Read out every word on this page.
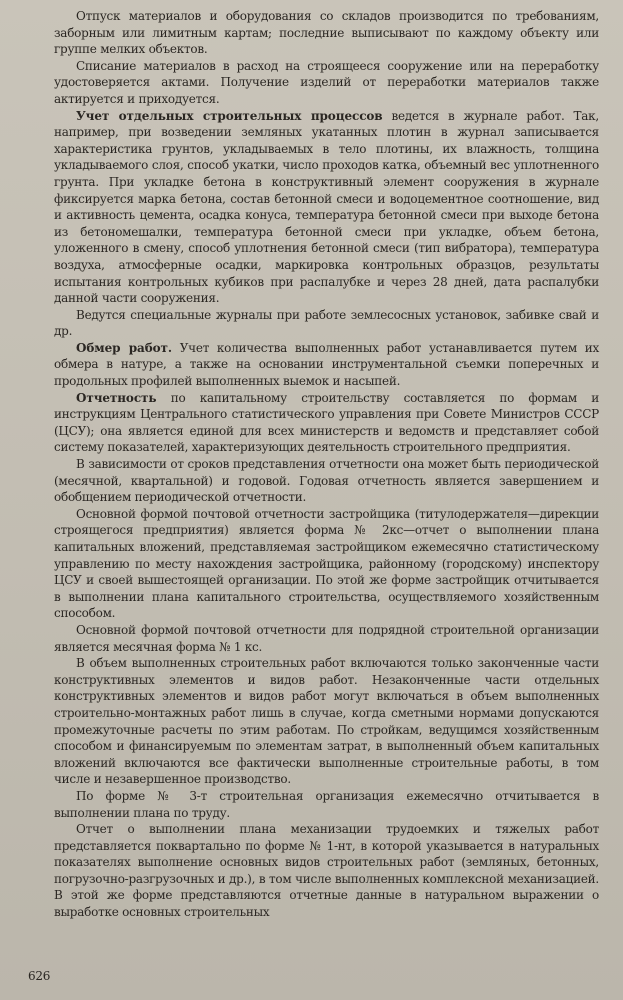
Отпуск материалов и оборудования со складов производится по требованиям, заборным или лимитным картам; последние выписывают по каждому объекту или группе мелких объектов.

Списание материалов в расход на строящееся сооружение или на переработку удостоверяется актами. Получение изделий от переработки материалов также актируется и приходуется.

Учет отдельных строительных процессов ведется в журнале работ. Так, например, при возведении земляных укатанных плотин в журнал записывается характеристика грунтов, укладываемых в тело плотины, их влажность, толщина укладываемого слоя, способ укатки, число проходов катка, объемный вес уплотненного грунта. При укладке бетона в конструктивный элемент сооружения в журнале фиксируется марка бетона, состав бетонной смеси и водоцементное соотношение, вид и активность цемента, осадка конуса, температура бетонной смеси при выходе бетона из бетономешалки, температура бетонной смеси при укладке, объем бетона, уложенного в смену, способ уплотнения бетонной смеси (тип вибратора), температура воздуха, атмосферные осадки, маркировка контрольных образцов, результаты испытания контрольных кубиков при распалубке и через 28 дней, дата распалубки данной части сооружения.

Ведутся специальные журналы при работе землесосных установок, забивке свай и др.

Обмер работ. Учет количества выполненных работ устанавливается путем их обмера в натуре, а также на основании инструментальной съемки поперечных и продольных профилей выполненных выемок и насыпей.

Отчетность по капитальному строительству составляется по формам и инструкциям Центрального статистического управления при Совете Министров СССР (ЦСУ); она является единой для всех министерств и ведомств и представляет собой систему показателей, характеризующих деятельность строительного предприятия.

В зависимости от сроков представления отчетности она может быть периодической (месячной, квартальной) и годовой. Годовая отчетность является завершением и обобщением периодической отчетности.

Основной формой почтовой отчетности застройщика (титулодержателя—дирекции строящегося предприятия) является форма № 2кс—отчет о выполнении плана капитальных вложений, представляемая застройщиком ежемесячно статистическому управлению по месту нахождения застройщика, районному (городскому) инспектору ЦСУ и своей вышестоящей организации. По этой же форме застройщик отчитывается в выполнении плана капитального строительства, осуществляемого хозяйственным способом.

Основной формой почтовой отчетности для подрядной строительной организации является месячная форма № 1 кс.

В объем выполненных строительных работ включаются только законченные части конструктивных элементов и видов работ. Незаконченные части отдельных конструктивных элементов и видов работ могут включаться в объем выполненных строительно-монтажных работ лишь в случае, когда сметными нормами допускаются промежуточные расчеты по этим работам. По стройкам, ведущимся хозяйственным способом и финансируемым по элементам затрат, в выполненный объем капитальных вложений включаются все фактически выполненные строительные работы, в том числе и незавершенное производство.

По форме № 3-т строительная организация ежемесячно отчитывается в выполнении плана по труду.

Отчет о выполнении плана механизации трудоемких и тяжелых работ представляется поквартально по форме № 1-нт, в которой указывается в натуральных показателях выполнение основных видов строительных работ (земляных, бетонных, погрузочно-разгрузочных и др.), в том числе выполненных комплексной механизацией. В этой же форме представляются отчетные данные в натуральном выражении о выработке основных строительных

626
